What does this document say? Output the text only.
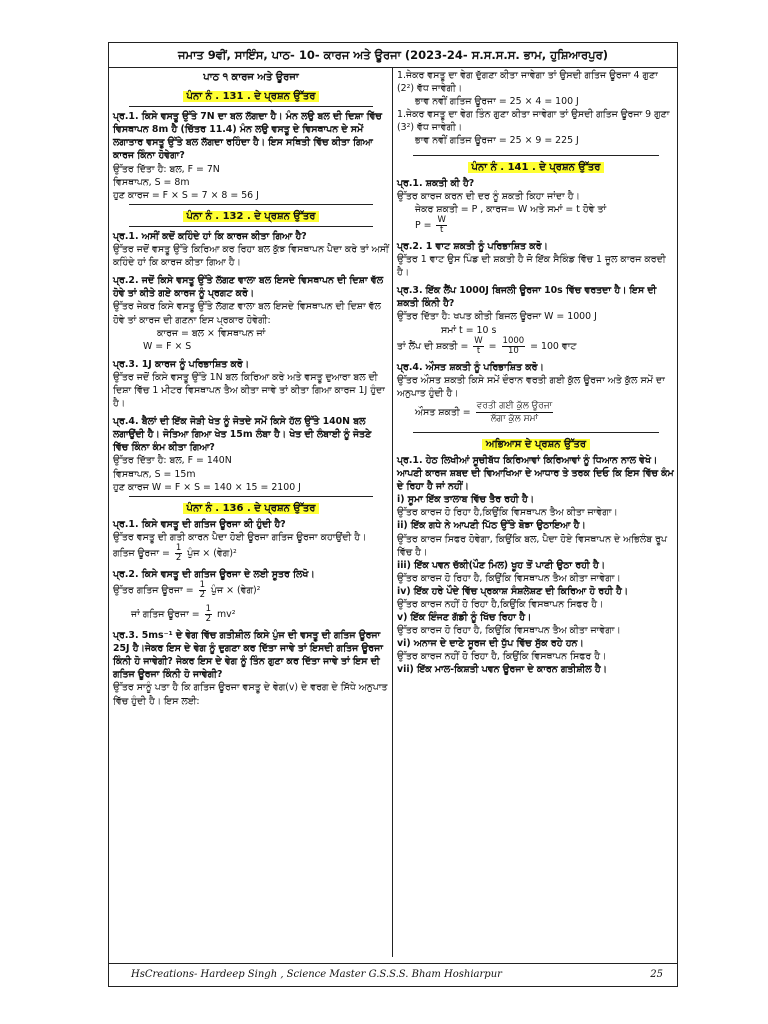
ਜਮਾਤ 9ਵੀਂ, ਸਾਇੰਸ, ਪਾਠ- 10- ਕਾਰਜ ਅਤੇ ਊਰਜਾ (2023-24- ਸ.ਸ.ਸ.ਸ. ਭਾਮ, ਹੁਸ਼ਿਆਰਪੁਰ)
ਪਾਠ ੧ ਕਾਰਜ ਅਤੇ ਊਰਜਾ
ਪੰਨਾ ਨੰ . 131 . ਦੇ ਪ੍ਰਸ਼ਨ ਉੱਤਰ

ਪ੍ਰ.1. ਕਿਸੇ ਵਸਤੂ ਉੱਤੇ 7N ਦਾ ਬਲ ਲੱਗਦਾ ਹੈ। ਮੰਨ ਲਉ ਬਲ ਦੀ ਦਿਸ਼ਾ ਵਿੱਚ ਵਿਸਥਾਪਨ 8m ਹੈ (ਚਿੱਤਰ 11.4) ਮੰਨ ਲਉ ਵਸਤੂ ਦੇ ਵਿਸਥਾਪਨ ਦੇ ਸਮੇਂ ਲਗਾਤਾਰ ਵਸਤੂ ਉੱਤੇ ਬਲ ਲੱਗਦਾ ਰਹਿੰਦਾ ਹੈ। ਇਸ ਸਥਿਤੀ ਵਿੱਚ ਕੀਤਾ ਗਿਆ ਕਾਰਜ ਕਿੰਨਾ ਹੋਵੇਗਾ?

ਉੱਤਰ ਦਿੱਤਾ ਹੈ: ਬਲ, F = 7N

ਵਿਸਥਾਪਨ, S = 8m

ਹੁਣ ਕਾਰਜ = F × S = 7 × 8 = 56 J

ਪੰਨਾ ਨੰ . 132 . ਦੇ ਪ੍ਰਸ਼ਨ ਉੱਤਰ

ਪ੍ਰ.1. ਅਸੀਂ ਕਦੋਂ ਕਹਿੰਦੇ ਹਾਂ ਕਿ ਕਾਰਜ ਕੀਤਾ ਗਿਆ ਹੈ?

ਉੱਤਰ ਜਦੋਂ ਵਸਤੂ ਉੱਤੇ ਕਿਰਿਆ ਕਰ ਰਿਹਾ ਬਲ ਕੁੱਝ ਵਿਸਥਾਪਨ ਪੈਦਾ ਕਰੇ ਤਾਂ ਅਸੀਂ ਕਹਿੰਦੇ ਹਾਂ ਕਿ ਕਾਰਜ ਕੀਤਾ ਗਿਆ ਹੈ।

ਪ੍ਰ.2. ਜਦੋਂ ਕਿਸੇ ਵਸਤੂ ਉੱਤੇ ਲੱਗਣ ਵਾਲਾ ਬਲ ਇਸਦੇ ਵਿਸਥਾਪਨ ਦੀ ਦਿਸ਼ਾ ਵੱਲ ਹੋਵੇ ਤਾਂ ਕੀਤੇ ਗਏ ਕਾਰਜ ਨੂੰ ਪ੍ਰਗਟ ਕਰੋ।

ਉੱਤਰ ਜੇਕਰ ਕਿਸੇ ਵਸਤੂ ਉੱਤੇ ਲੱਗਣ ਵਾਲਾ ਬਲ ਇਸਦੇ ਵਿਸਥਾਪਨ ਦੀ ਦਿਸ਼ਾ ਵੱਲ ਹੋਵੇ ਤਾਂ ਕਾਰਜ ਦੀ ਗਣਨਾ ਇਸ ਪ੍ਰਕਾਰ ਹੋਵੇਗੀ:

ਕਾਰਜ = ਬਲ × ਵਿਸਥਾਪਨ ਜਾਂ

W = F × S

ਪ੍ਰ.3. 1J ਕਾਰਜ ਨੂੰ ਪਰਿਭਾਸ਼ਿਤ ਕਰੋ।

ਉੱਤਰ ਜਦੋਂ ਕਿਸੇ ਵਸਤੂ ਉੱਤੇ 1N ਬਲ ਕਿਰਿਆ ਕਰੇ ਅਤੇ ਵਸਤੂ ਦੁਆਰਾ ਬਲ ਦੀ ਦਿਸ਼ਾ ਵਿੱਚ 1 ਮੀਟਰ ਵਿਸਥਾਪਨ ਤੈਅ ਕੀਤਾ ਜਾਵੇ ਤਾਂ ਕੀਤਾ ਗਿਆ ਕਾਰਜ 1J ਹੁੰਦਾ ਹੈ।

ਪ੍ਰ.4. ਬੈਲਾਂ ਦੀ ਇੱਕ ਜੋੜੀ ਖੇਤ ਨੂੰ ਜੋਤਦੇ ਸਮੇਂ ਕਿਸੇ ਹੱਲ ਉੱਤੇ 140N ਬਲ ਲਗਾਉਂਦੀ ਹੈ। ਜੋਤਿਆ ਗਿਆ ਖੇਤ 15m ਲੰਬਾ ਹੈ। ਖੇਤ ਦੀ ਲੰਬਾਈ ਨੂੰ ਜੋਤਣੇ ਵਿੱਚ ਕਿੰਨਾ ਕੰਮ ਕੀਤਾ ਗਿਆ?

ਉੱਤਰ ਦਿੱਤਾ ਹੈ: ਬਲ, F = 140N

ਵਿਸਥਾਪਨ, S = 15m

ਹੁਣ ਕਾਰਜ W = F × S = 140 × 15 = 2100 J

ਪੰਨਾ ਨੰ . 136 . ਦੇ ਪ੍ਰਸ਼ਨ ਉੱਤਰ

ਪ੍ਰ.1. ਕਿਸੇ ਵਸਤੂ ਦੀ ਗਤਿਜ ਊਰਜਾ ਕੀ ਹੁੰਦੀ ਹੈ?

ਉੱਤਰ ਵਸਤੂ ਦੀ ਗਤੀ ਕਾਰਨ ਪੈਦਾ ਹੋਈ ਊਰਜਾ ਗਤਿਜ ਊਰਜਾ ਕਹਾਉਂਦੀ ਹੈ।

ਗਤਿਜ ਊਰਜਾ = $\frac{1}{2}$ ਪੁੰਜ × (ਵੇਗ)²

ਪ੍ਰ.2. ਕਿਸੇ ਵਸਤੂ ਦੀ ਗਤਿਜ ਊਰਜਾ ਦੇ ਲਈ ਸੂਤਰ ਲਿਖੋ।

ਉੱਤਰ ਗਤਿਜ ਊਰਜਾ = $\frac{1}{2}$ ਪੁੰਜ × (ਵੇਗ)²

ਜਾਂ ਗਤਿਜ ਊਰਜਾ = $\frac{1}{2} mv^2$

ਪ੍ਰ.3. 5ms⁻¹ ਦੇ ਵੇਗ ਵਿੱਚ ਗਤੀਸ਼ੀਲ ਕਿਸੇ ਪੁੰਜ ਦੀ ਵਸਤੂ ਦੀ ਗਤਿਜ ਊਰਜਾ 25J ਹੈ।ਜੇਕਰ ਇਸ ਦੇ ਵੇਗ ਨੂੰ ਦੁਗਣਾ ਕਰ ਦਿੱਤਾ ਜਾਵੇ ਤਾਂ ਇਸਦੀ ਗਤਿਜ ਊਰਜਾ ਕਿੰਨੀ ਹੋ ਜਾਵੇਗੀ? ਜੇਕਰ ਇਸ ਦੇ ਵੇਗ ਨੂੰ ਤਿੰਨ ਗੁਣਾ ਕਰ ਦਿੱਤਾ ਜਾਵੇ ਤਾਂ ਇਸ ਦੀ ਗਤਿਜ ਊਰਜਾ ਕਿੰਨੀ ਹੋ ਜਾਵੇਗੀ?

ਉੱਤਰ ਸਾਨੂੰ ਪਤਾ ਹੈ ਕਿ ਗਤਿਜ ਊਰਜਾ ਵਸਤੂ ਦੇ ਵੇਗ(v) ਦੇ ਵਰਗ ਦੇ ਸਿੱਧੇ ਅਨੁਪਾਤ ਵਿੱਚ ਹੁੰਦੀ ਹੈ। ਇਸ ਲਈ:

1.ਜੇਕਰ ਵਸਤੂ ਦਾ ਵੇਗ ਦੁੱਗਣਾ ਕੀਤਾ ਜਾਵੇਗਾ ਤਾਂ ਉਸਦੀ ਗਤਿਜ ਊਰਜਾ 4 ਗੁਣਾ (2²) ਵੱਧ ਜਾਵੇਗੀ।

ਭਾਵ ਨਵੀਂ ਗਤਿਜ ਊਰਜਾ = 25 × 4 = 100 J

1.ਜੇਕਰ ਵਸਤੂ ਦਾ ਵੇਗ ਤਿੰਨ ਗੁਣਾ ਕੀਤਾ ਜਾਵੇਗਾ ਤਾਂ ਉਸਦੀ ਗਤਿਜ ਊਰਜਾ 9 ਗੁਣਾ (3²) ਵੱਧ ਜਾਵੇਗੀ।

ਭਾਵ ਨਵੀਂ ਗਤਿਜ ਊਰਜਾ = 25 × 9 = 225 J

ਪੰਨਾ ਨੰ . 141 . ਦੇ ਪ੍ਰਸ਼ਨ ਉੱਤਰ

ਪ੍ਰ.1. ਸ਼ਕਤੀ ਕੀ ਹੈ?

ਉੱਤਰ ਕਾਰਜ ਕਰਨ ਦੀ ਦਰ ਨੂੰ ਸ਼ਕਤੀ ਕਿਹਾ ਜਾਂਦਾ ਹੈ।

ਜੇਕਰ ਸ਼ਕਤੀ = P , ਕਾਰਜ= W ਅਤੇ ਸਮਾਂ = t ਹੋਵੇ ਤਾਂ

$P = \frac{W}{t}$

ਪ੍ਰ.2. 1 ਵਾਟ ਸ਼ਕਤੀ ਨੂੰ ਪਰਿਭਾਸ਼ਿਤ ਕਰੋ।

ਉੱਤਰ 1 ਵਾਟ ਉਸ ਪਿੰਡ ਦੀ ਸ਼ਕਤੀ ਹੈ ਜੋ ਇੱਕ ਸੈਕਿੰਡ ਵਿੱਚ 1 ਜੂਲ ਕਾਰਜ ਕਰਦੀ ਹੈ।

ਪ੍ਰ.3. ਇੱਕ ਲੈਂਪ 1000J ਬਿਜਲੀ ਊਰਜਾ 10s ਵਿੱਚ ਵਰਤਦਾ ਹੈ। ਇਸ ਦੀ ਸ਼ਕਤੀ ਕਿੰਨੀ ਹੈ?

ਉੱਤਰ ਦਿੱਤਾ ਹੈ: ਖਪਤ ਕੀਤੀ ਬਿਜਲ ਊਰਜਾ W = 1000 J

ਸਮਾਂ t = 10 s

ਤਾਂ ਲੈਂਪ ਦੀ ਸ਼ਕਤੀ = $\frac{W}{t} = \frac{1000}{10} = 100$ ਵਾਟ

ਪ੍ਰ.4. ਔਸਤ ਸ਼ਕਤੀ ਨੂੰ ਪਰਿਭਾਸ਼ਿਤ ਕਰੋ।

ਉੱਤਰ ਔਸਤ ਸ਼ਕਤੀ ਕਿਸੇ ਸਮੇਂ ਦੌਰਾਨ ਵਰਤੀ ਗਈ ਕੁੱਲ ਊਰਜਾ ਅਤੇ ਕੁੱਲ ਸਮੇਂ ਦਾ ਅਨੁਪਾਤ ਹੁੰਦੀ ਹੈ।

ਔਸਤ ਸ਼ਕਤੀ = $\frac{\text{ਵਰਤੀ ਗਈ ਕੁੱਲ ਊਰਜਾ}}{\text{ਲੱਗਾ ਕੁੱਲ ਸਮਾਂ}}$

ਅਭਿਆਸ ਦੇ ਪ੍ਰਸ਼ਨ ਉੱਤਰ

ਪ੍ਰ.1. ਹੇਠ ਲਿਖੀਆਂ ਸੂਚੀਬੱਧ ਕਿਰਿਆਵਾਂ ਕਿਰਿਆਵਾਂ ਨੂੰ ਧਿਆਨ ਨਾਲ ਵੇਖੋ। ਆਪਣੀ ਕਾਰਜ ਸ਼ਬਦ ਦੀ ਵਿਆਖਿਆ ਦੇ ਆਧਾਰ ਤੇ ਤਰਕ ਦਿਓ ਕਿ ਇਸ ਵਿੱਚ ਕੰਮ ਦੇ ਰਿਹਾ ਹੈ ਜਾਂ ਨਹੀਂ।

i) ਸੂਮਾ ਇੱਕ ਤਾਲਾਬ ਵਿੱਚ ਤੈਰ ਰਹੀ ਹੈ।

ਉੱਤਰ ਕਾਰਜ ਹੋ ਰਿਹਾ ਹੈ,ਕਿਉਂਕਿ ਵਿਸਥਾਪਨ ਤੈਅ ਕੀਤਾ ਜਾਵੇਗਾ।

ii) ਇੱਕ ਗਧੇ ਨੇ ਆਪਣੀ ਪਿੱਠ ਉੱਤੇ ਬੋਝਾ ਉਠਾਇਆ ਹੈ।

ਉੱਤਰ ਕਾਰਜ ਸਿਫਰ ਹੋਵੇਗਾ, ਕਿਉਂਕਿ ਬਲ, ਪੈਦਾ ਹੋਏ ਵਿਸਥਾਪਨ ਦੇ ਅਭਿਲੰਬ ਰੂਪ ਵਿੱਚ ਹੈ।

iii) ਇੱਕ ਪਵਨ ਚੱਕੀ(ਪੌਣ ਮਿਲ) ਖੂਹ ਤੋਂ ਪਾਣੀ ਉਠਾ ਰਹੀ ਹੈ।

ਉੱਤਰ ਕਾਰਜ ਹੋ ਰਿਹਾ ਹੈ, ਕਿਉਂਕਿ ਵਿਸਥਾਪਨ ਤੈਅ ਕੀਤਾ ਜਾਵੇਗਾ।

iv) ਇੱਕ ਹਰੇ ਪੌਦੇ ਵਿੱਚ ਪ੍ਰਕਾਸ਼ ਸੰਸ਼ਲੇਸ਼ਣ ਦੀ ਕਿਰਿਆ ਹੋ ਰਹੀ ਹੈ।

ਉੱਤਰ ਕਾਰਜ ਨਹੀਂ ਹੋ ਰਿਹਾ ਹੈ,ਕਿਉਂਕਿ ਵਿਸਥਾਪਨ ਸਿਫਰ ਹੈ।

v) ਇੱਕ ਇੰਜਣ ਗੱਡੀ ਨੂੰ ਖਿੱਚ ਰਿਹਾ ਹੈ।

ਉੱਤਰ ਕਾਰਜ ਹੋ ਰਿਹਾ ਹੈ, ਕਿਉਂਕਿ ਵਿਸਥਾਪਨ ਤੈਅ ਕੀਤਾ ਜਾਵੇਗਾ।

vi) ਅਨਾਜ ਦੇ ਦਾਣੇ ਸੂਰਜ ਦੀ ਧੁੱਪ ਵਿੱਚ ਸੁੱਕ ਰਹੇ ਹਨ।

ਉੱਤਰ ਕਾਰਜ ਨਹੀਂ ਹੋ ਰਿਹਾ ਹੈ, ਕਿਉਂਕਿ ਵਿਸਥਾਪਨ ਸਿਫਰ ਹੈ।

vii) ਇੱਕ ਮਾਲ-ਕਿਸ਼ਤੀ ਪਵਨ ਊਰਜਾ ਦੇ ਕਾਰਨ ਗਤੀਸ਼ੀਲ ਹੈ।

HsCreations- Hardeep Singh , Science Master G.S.S.S. Bham Hoshiarpur	25
